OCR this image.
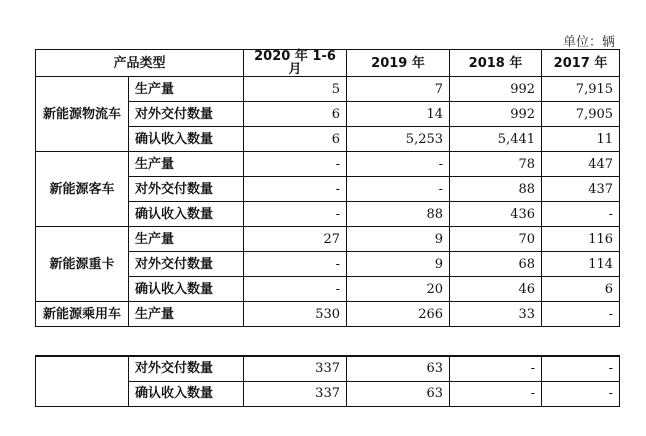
单位：辆
产品类型		2020 年 1-6 月	2019 年	2018 年	2017 年
新能源物流车	生产量	5	7	992	7,915
	对外交付数量	6	14	992	7,905
	确认收入数量	6	5,253	5,441	11
新能源客车	生产量	-	-	78	447
	对外交付数量	-	-	88	437
	确认收入数量	-	88	436	-
新能源重卡	生产量	27	9	70	116
	对外交付数量	-	9	68	114
	确认收入数量	-	20	46	6
新能源乘用车	生产量	530	266	33	-
	对外交付数量	337	63	-	-
	确认收入数量	337	63	-	-
